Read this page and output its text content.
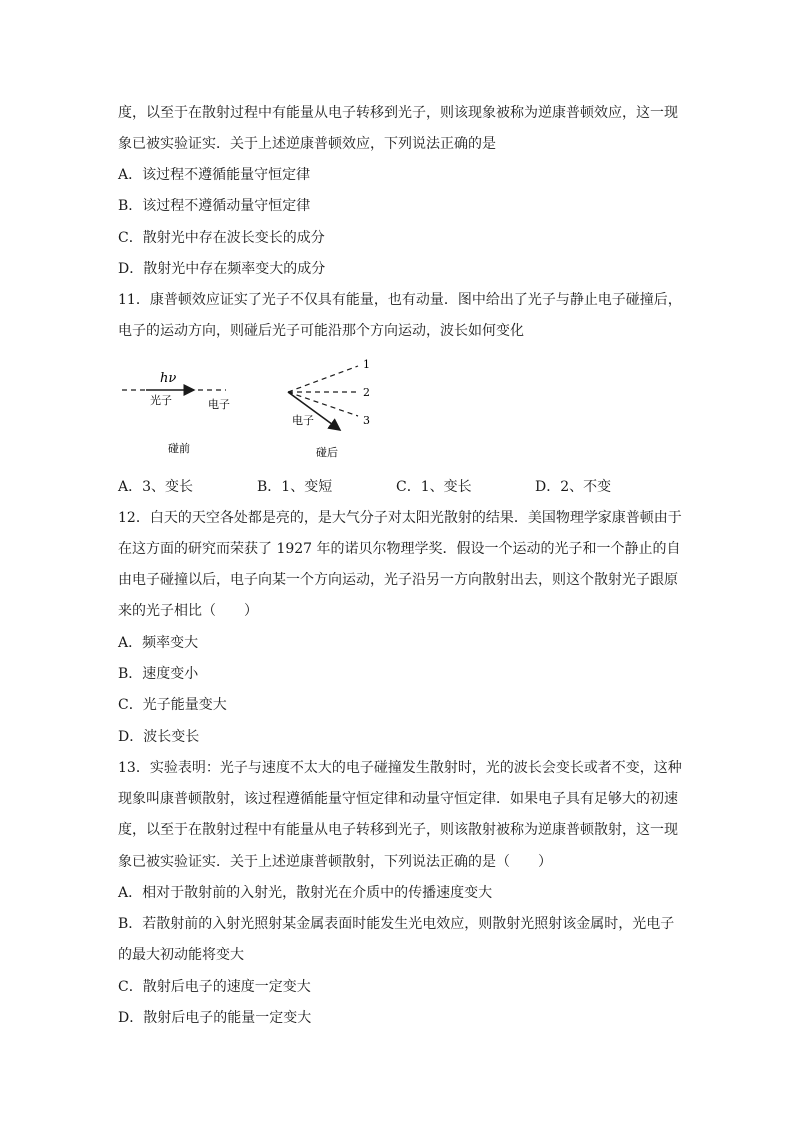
度，以至于在散射过程中有能量从电子转移到光子，则该现象被称为逆康普顿效应，这一现
象已被实验证实．关于上述逆康普顿效应，下列说法正确的是
A．该过程不遵循能量守恒定律
B．该过程不遵循动量守恒定律
C．散射光中存在波长变长的成分
D．散射光中存在频率变大的成分
11．康普顿效应证实了光子不仅具有能量，也有动量．图中给出了光子与静止电子碰撞后，
电子的运动方向，则碰后光子可能沿那个方向运动，波长如何变化
hν
光子	电子
碰前
1
2
3
电子
碰后
A．3、变长	B．1、变短	C．1、变长	D．2、不变
12．白天的天空各处都是亮的，是大气分子对太阳光散射的结果．美国物理学家康普顿由于
在这方面的研究而荣获了 1927 年的诺贝尔物理学奖．假设一个运动的光子和一个静止的自
由电子碰撞以后，电子向某一个方向运动，光子沿另一方向散射出去，则这个散射光子跟原
来的光子相比（　　）
A．频率变大
B．速度变小
C．光子能量变大
D．波长变长
13．实验表明：光子与速度不太大的电子碰撞发生散射时，光的波长会变长或者不变，这种
现象叫康普顿散射，该过程遵循能量守恒定律和动量守恒定律．如果电子具有足够大的初速
度，以至于在散射过程中有能量从电子转移到光子，则该散射被称为逆康普顿散射，这一现
象已被实验证实．关于上述逆康普顿散射，下列说法正确的是（　　）
A．相对于散射前的入射光，散射光在介质中的传播速度变大
B．若散射前的入射光照射某金属表面时能发生光电效应，则散射光照射该金属时，光电子
的最大初动能将变大
C．散射后电子的速度一定变大
D．散射后电子的能量一定变大
